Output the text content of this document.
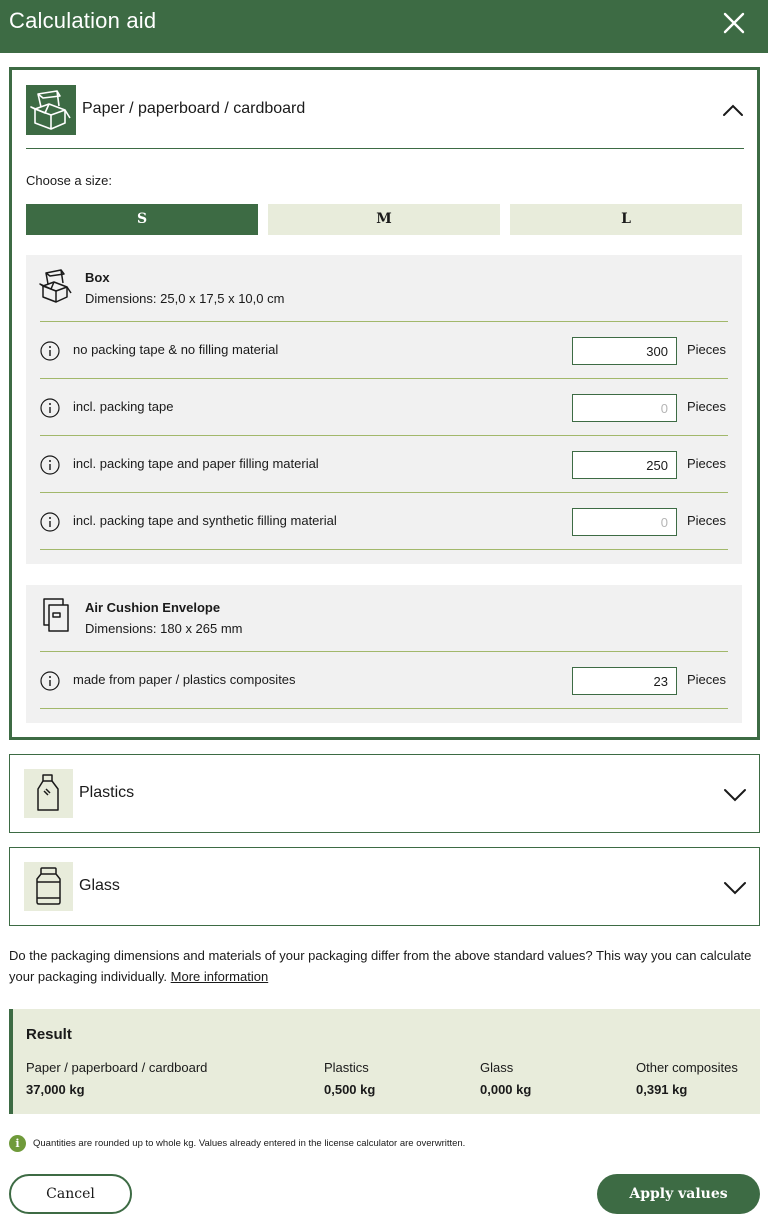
Calculation aid
Paper / paperboard / cardboard
Choose a size:
S	M	L
Box
Dimensions: 25,0 x 17,5 x 10,0 cm
no packing tape & no filling material
300	Pieces
incl. packing tape
0	Pieces
incl. packing tape and paper filling material
250	Pieces
incl. packing tape and synthetic filling material
0	Pieces
Air Cushion Envelope
Dimensions: 180 x 265 mm
made from paper / plastics composites
23	Pieces
Plastics
Glass
Do the packaging dimensions and materials of your packaging differ from the above standard values? This way you can calculate your packaging individually. More information
Result
Paper / paperboard / cardboard
37,000 kg
Plastics
0,500 kg
Glass
0,000 kg
Other composites
0,391 kg
i	Quantities are rounded up to whole kg. Values already entered in the license calculator are overwritten.
Cancel	Apply values
